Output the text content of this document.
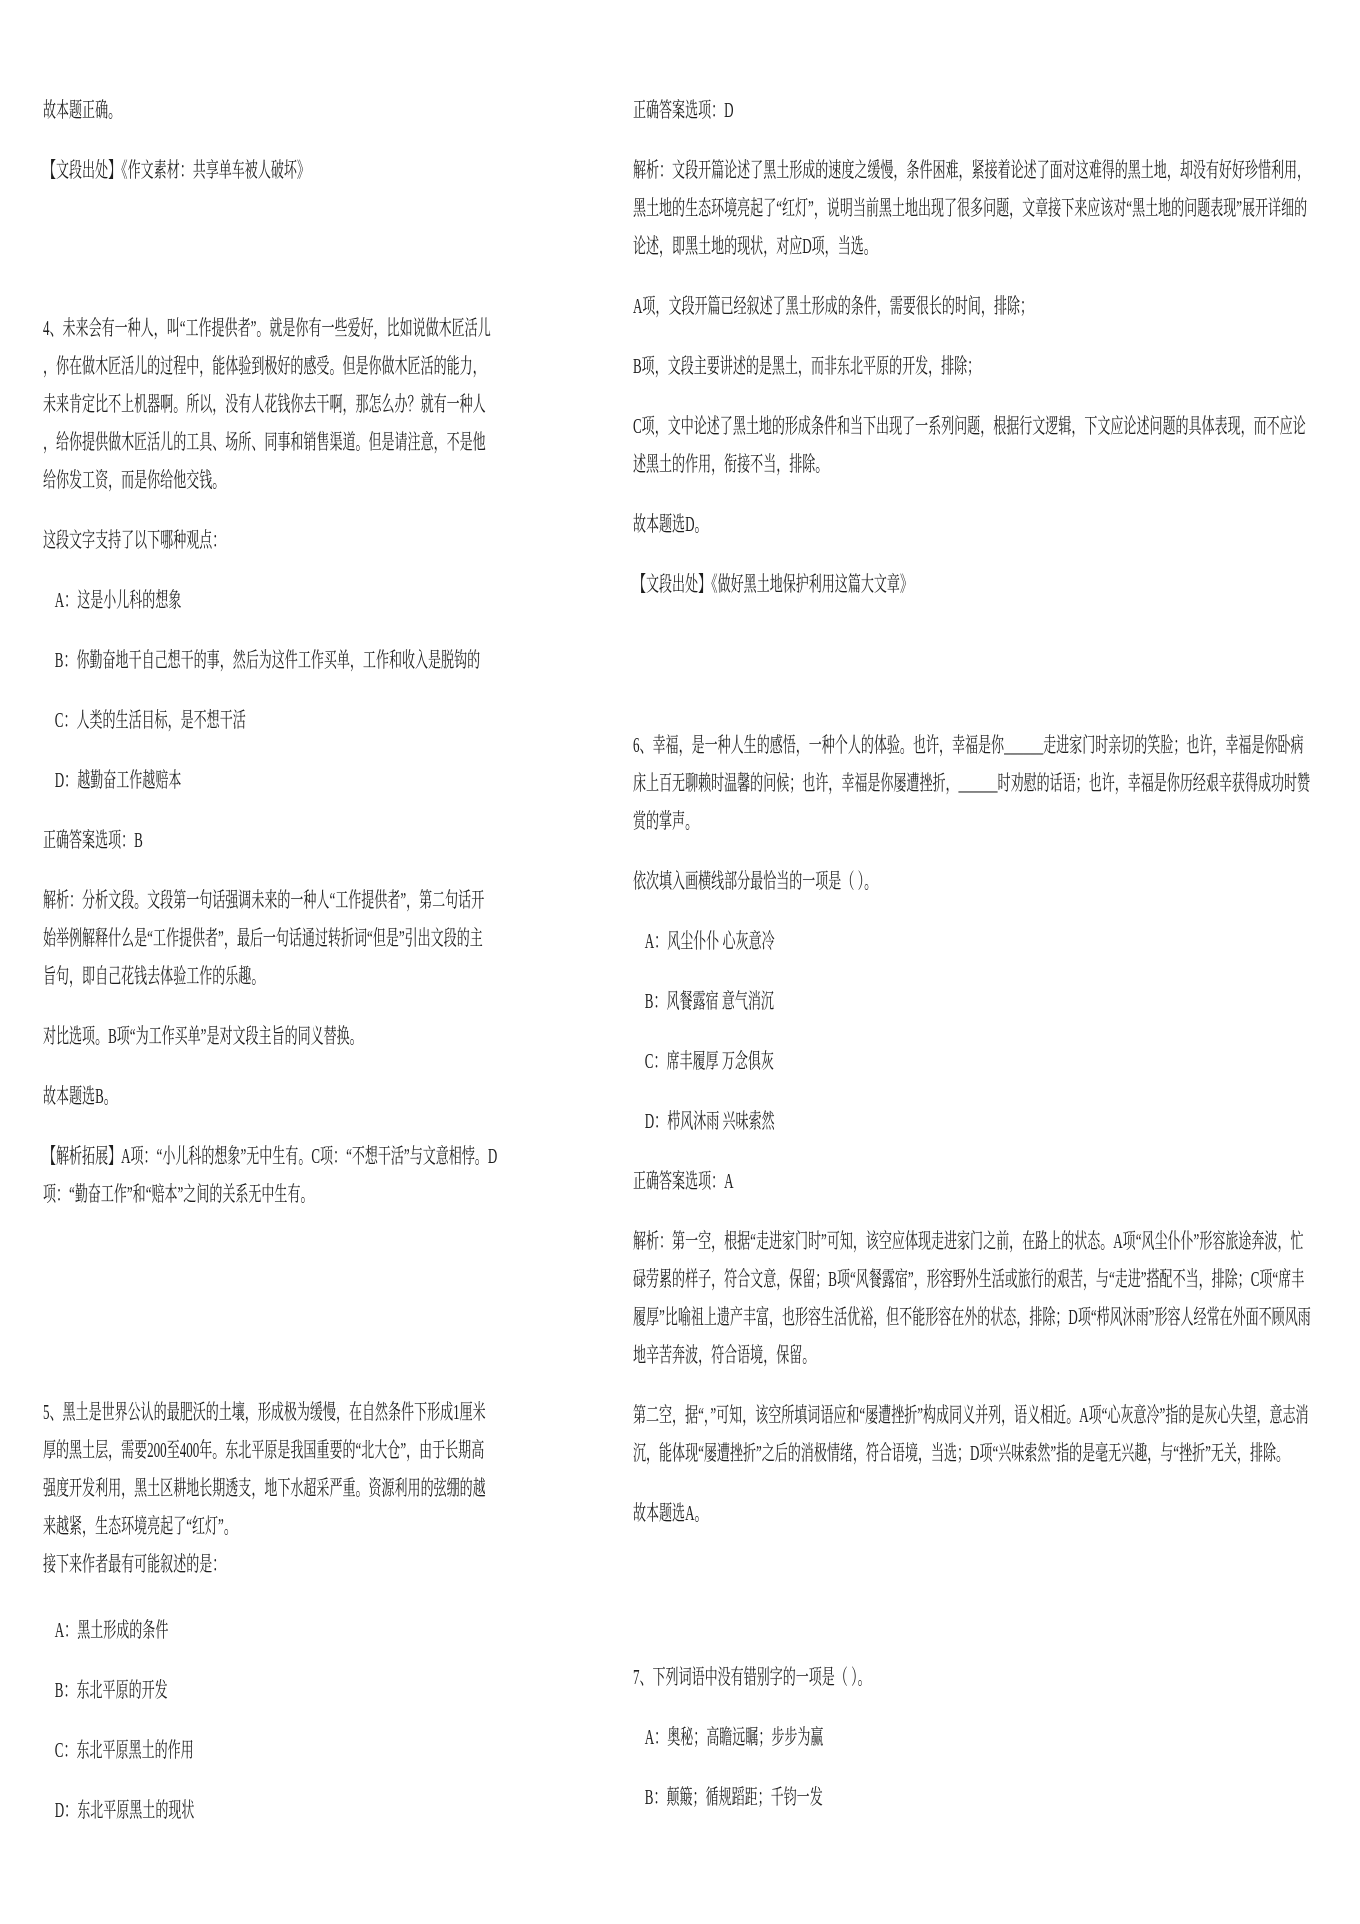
故本题正确。
【文段出处】《作文素材：共享单车被人破坏》
4、未来会有一种人，叫“工作提供者”。就是你有一些爱好，比如说做木匠活儿
，你在做木匠活儿的过程中，能体验到极好的感受。但是你做木匠活的能力，
未来肯定比不上机器啊。所以，没有人花钱你去干啊，那怎么办？就有一种人
，给你提供做木匠活儿的工具、场所、同事和销售渠道。但是请注意，不是他
给你发工资，而是你给他交钱。
这段文字支持了以下哪种观点：
A：这是小儿科的想象
B：你勤奋地干自己想干的事，然后为这件工作买单，工作和收入是脱钩的
C：人类的生活目标，是不想干活
D：越勤奋工作越赔本
正确答案选项：B
解析：分析文段。文段第一句话强调未来的一种人“工作提供者”，第二句话开
始举例解释什么是“工作提供者”，最后一句话通过转折词“但是”引出文段的主
旨句，即自己花钱去体验工作的乐趣。
对比选项。B项“为工作买单”是对文段主旨的同义替换。
故本题选B。
【解析拓展】A项：“小儿科的想象”无中生有。C项：“不想干活”与文意相悖。D
项：“勤奋工作”和“赔本”之间的关系无中生有。
5、黑土是世界公认的最肥沃的土壤，形成极为缓慢，在自然条件下形成1厘米
厚的黑土层，需要200至400年。东北平原是我国重要的“北大仓”，由于长期高
强度开发利用，黑土区耕地长期透支，地下水超采严重。资源利用的弦绷的越
来越紧，生态环境亮起了“红灯”。
接下来作者最有可能叙述的是：
A：黑土形成的条件
B：东北平原的开发
C：东北平原黑土的作用
D：东北平原黑土的现状
正确答案选项：D
解析：文段开篇论述了黑土形成的速度之缓慢，条件困难，紧接着论述了面对这难得的黑土地，却没有好好珍惜利用，
黑土地的生态环境亮起了“红灯”，说明当前黑土地出现了很多问题，文章接下来应该对“黑土地的问题表现”展开详细的
论述，即黑土地的现状，对应D项，当选。
A项，文段开篇已经叙述了黑土形成的条件，需要很长的时间，排除；
B项，文段主要讲述的是黑土，而非东北平原的开发，排除；
C项，文中论述了黑土地的形成条件和当下出现了一系列问题，根据行文逻辑，下文应论述问题的具体表现，而不应论
述黑土的作用，衔接不当，排除。
故本题选D。
【文段出处】《做好黑土地保护利用这篇大文章》
6、幸福，是一种人生的感悟，一种个人的体验。也许，幸福是你______走进家门时亲切的笑脸；也许，幸福是你卧病
床上百无聊赖时温馨的问候；也许，幸福是你屡遭挫折，______时劝慰的话语；也许，幸福是你历经艰辛获得成功时赞
赏的掌声。
依次填入画横线部分最恰当的一项是（ ）。
A：风尘仆仆 心灰意冷
B：风餐露宿 意气消沉
C：席丰履厚 万念俱灰
D：栉风沐雨 兴味索然
正确答案选项：A
解析：第一空，根据“走进家门时”可知，该空应体现走进家门之前，在路上的状态。A项“风尘仆仆”形容旅途奔波，忙
碌劳累的样子，符合文意，保留；B项“风餐露宿”，形容野外生活或旅行的艰苦，与“走进”搭配不当，排除；C项“席丰
履厚”比喻祖上遗产丰富，也形容生活优裕，但不能形容在外的状态，排除；D项“栉风沐雨”形容人经常在外面不顾风雨
地辛苦奔波，符合语境，保留。
第二空，据“，”可知，该空所填词语应和“屡遭挫折”构成同义并列，语义相近。A项“心灰意冷”指的是灰心失望，意志消
沉，能体现“屡遭挫折”之后的消极情绪，符合语境，当选；D项“兴味索然”指的是毫无兴趣，与“挫折”无关，排除。
故本题选A。
7、下列词语中没有错别字的一项是（ ）。
A：奥秘；高瞻远瞩；步步为赢
B：颠簸；循规蹈距；千钧一发
